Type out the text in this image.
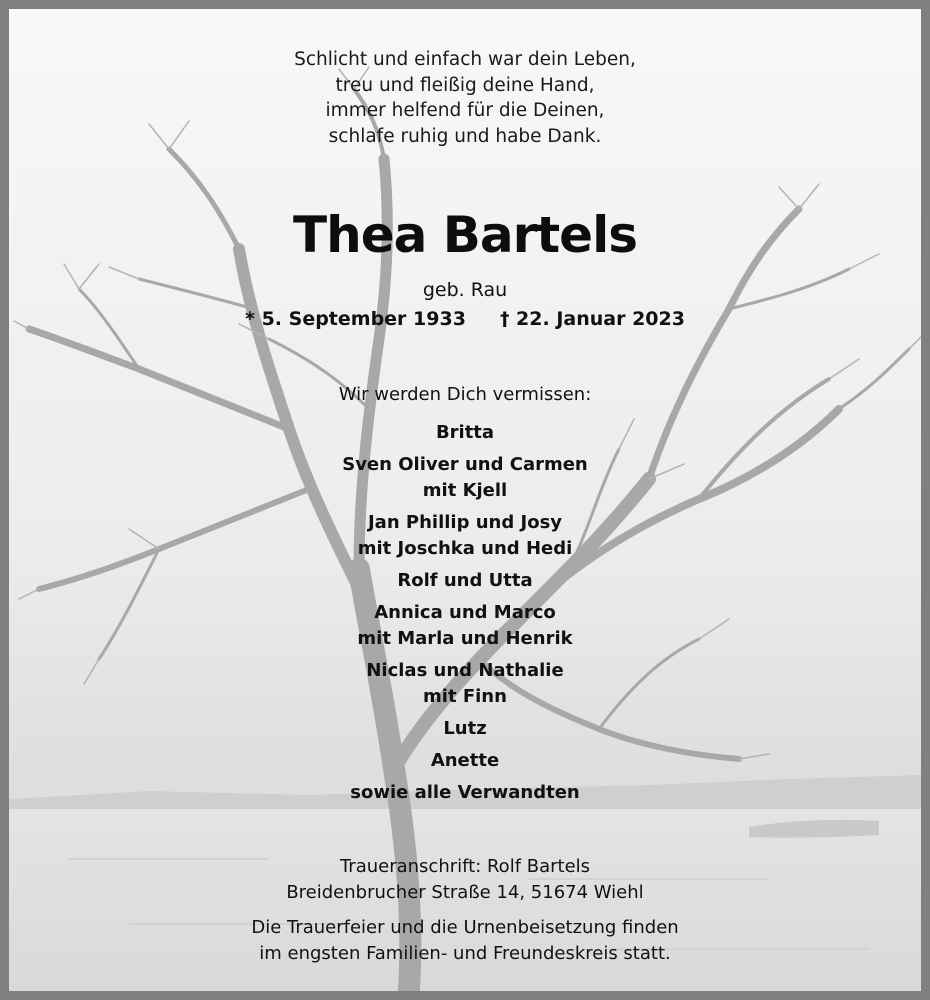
Schlicht und einfach war dein Leben,
treu und fleißig deine Hand,
immer helfend für die Deinen,
schlafe ruhig und habe Dank.
Thea Bartels
geb. Rau
* 5. September 1933 † 22. Januar 2023
Wir werden Dich vermissen:
Britta
Sven Oliver und Carmen
mit Kjell
Jan Phillip und Josy
mit Joschka und Hedi
Rolf und Utta
Annica und Marco
mit Marla und Henrik
Niclas und Nathalie
mit Finn
Lutz
Anette
sowie alle Verwandten
Traueranschrift: Rolf Bartels
Breidenbrucher Straße 14, 51674 Wiehl
Die Trauerfeier und die Urnenbeisetzung finden
im engsten Familien- und Freundeskreis statt.
